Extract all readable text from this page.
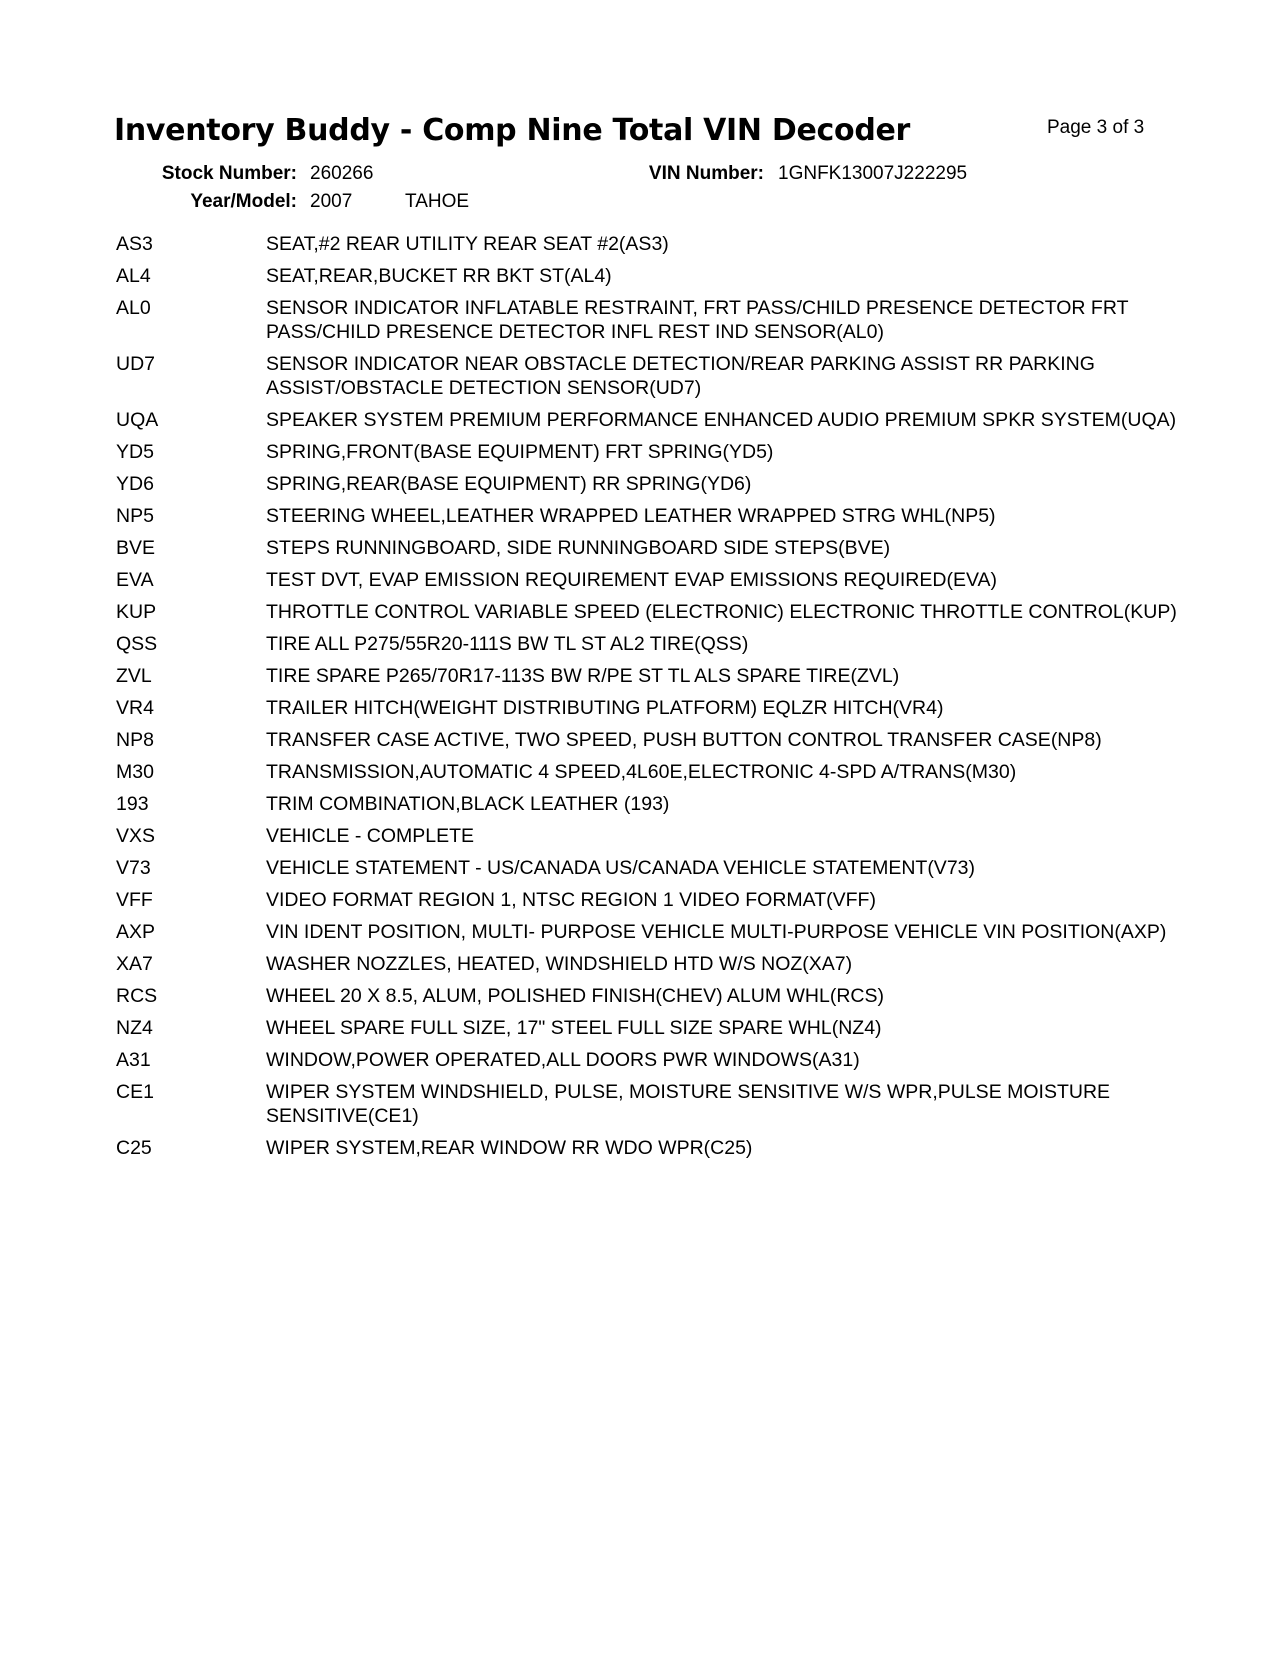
Inventory Buddy - Comp Nine Total VIN Decoder	Page 3 of 3
Stock Number: 260266	VIN Number: 1GNFK13007J222295
Year/Model: 2007	TAHOE
AS3	SEAT,#2 REAR UTILITY REAR SEAT #2(AS3)
AL4	SEAT,REAR,BUCKET RR BKT ST(AL4)
AL0	SENSOR INDICATOR INFLATABLE RESTRAINT, FRT PASS/CHILD PRESENCE DETECTOR FRT PASS/CHILD PRESENCE DETECTOR INFL REST IND SENSOR(AL0)
UD7	SENSOR INDICATOR NEAR OBSTACLE DETECTION/REAR PARKING ASSIST RR PARKING ASSIST/OBSTACLE DETECTION SENSOR(UD7)
UQA	SPEAKER SYSTEM PREMIUM PERFORMANCE ENHANCED AUDIO PREMIUM SPKR SYSTEM(UQA)
YD5	SPRING,FRONT(BASE EQUIPMENT) FRT SPRING(YD5)
YD6	SPRING,REAR(BASE EQUIPMENT) RR SPRING(YD6)
NP5	STEERING WHEEL,LEATHER WRAPPED LEATHER WRAPPED STRG WHL(NP5)
BVE	STEPS RUNNINGBOARD, SIDE RUNNINGBOARD SIDE STEPS(BVE)
EVA	TEST DVT, EVAP EMISSION REQUIREMENT EVAP EMISSIONS REQUIRED(EVA)
KUP	THROTTLE CONTROL VARIABLE SPEED (ELECTRONIC) ELECTRONIC THROTTLE CONTROL(KUP)
QSS	TIRE ALL P275/55R20-111S BW TL ST AL2 TIRE(QSS)
ZVL	TIRE SPARE P265/70R17-113S BW R/PE ST TL ALS SPARE TIRE(ZVL)
VR4	TRAILER HITCH(WEIGHT DISTRIBUTING PLATFORM) EQLZR HITCH(VR4)
NP8	TRANSFER CASE ACTIVE, TWO SPEED, PUSH BUTTON CONTROL TRANSFER CASE(NP8)
M30	TRANSMISSION,AUTOMATIC 4 SPEED,4L60E,ELECTRONIC 4-SPD A/TRANS(M30)
193	TRIM COMBINATION,BLACK LEATHER (193)
VXS	VEHICLE - COMPLETE
V73	VEHICLE STATEMENT - US/CANADA US/CANADA VEHICLE STATEMENT(V73)
VFF	VIDEO FORMAT REGION 1, NTSC REGION 1 VIDEO FORMAT(VFF)
AXP	VIN IDENT POSITION, MULTI- PURPOSE VEHICLE MULTI-PURPOSE VEHICLE VIN POSITION(AXP)
XA7	WASHER NOZZLES, HEATED, WINDSHIELD HTD W/S NOZ(XA7)
RCS	WHEEL 20 X 8.5, ALUM, POLISHED FINISH(CHEV) ALUM WHL(RCS)
NZ4	WHEEL SPARE FULL SIZE, 17" STEEL FULL SIZE SPARE WHL(NZ4)
A31	WINDOW,POWER OPERATED,ALL DOORS PWR WINDOWS(A31)
CE1	WIPER SYSTEM WINDSHIELD, PULSE, MOISTURE SENSITIVE W/S WPR,PULSE MOISTURE SENSITIVE(CE1)
C25	WIPER SYSTEM,REAR WINDOW RR WDO WPR(C25)
